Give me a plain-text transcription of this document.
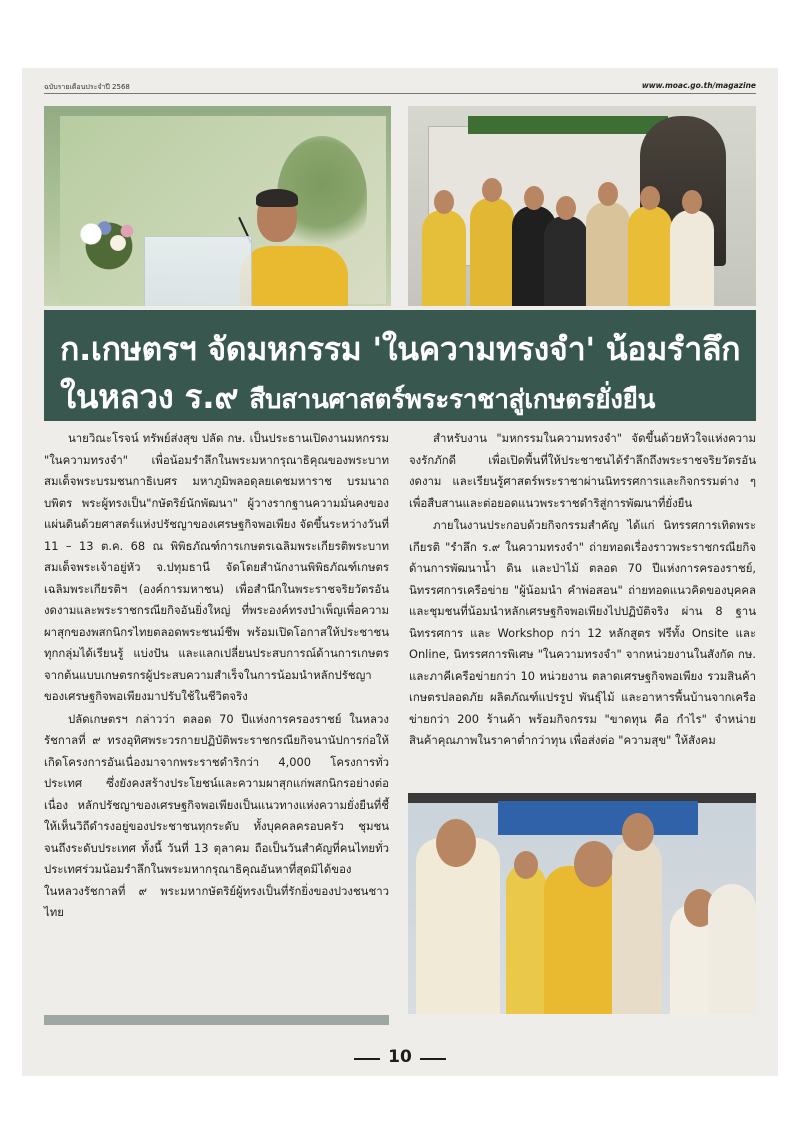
ฉบับรายเดือนประจำปี 2568	www.moac.go.th/magazine
ก.เกษตรฯ จัดมหกรรม 'ในความทรงจำ' น้อมรำลึก
ในหลวง ร.๙ สืบสานศาสตร์พระราชาสู่เกษตรยั่งยืน

นายวิณะโรจน์ ทรัพย์ส่งสุข ปลัด กษ. เป็นประธานเปิดงานมหกรรม "ในความทรงจำ" เพื่อน้อมรำลึกในพระมหากรุณาธิคุณของพระบาทสมเด็จพระบรมชนกาธิเบศร มหาภูมิพลอดุลยเดชมหาราช บรมนาถบพิตร พระผู้ทรงเป็น"กษัตริย์นักพัฒนา" ผู้วางรากฐานความมั่นคงของแผ่นดินด้วยศาสตร์แห่งปรัชญาของเศรษฐกิจพอเพียง จัดขึ้นระหว่างวันที่ 11 – 13 ต.ค. 68 ณ พิพิธภัณฑ์การเกษตรเฉลิมพระเกียรติพระบาทสมเด็จพระเจ้าอยู่หัว จ.ปทุมธานี จัดโดยสำนักงานพิพิธภัณฑ์เกษตรเฉลิมพระเกียรติฯ (องค์การมหาชน) เพื่อสำนึกในพระราชจริยวัตรอันงดงามและพระราชกรณียกิจอันยิ่งใหญ่ ที่พระองค์ทรงบำเพ็ญเพื่อความผาสุกของพสกนิกรไทยตลอดพระชนม์ชีพ พร้อมเปิดโอกาสให้ประชาชนทุกกลุ่มได้เรียนรู้ แบ่งปัน และแลกเปลี่ยนประสบการณ์ด้านการเกษตรจากต้นแบบเกษตรกรผู้ประสบความสำเร็จในการน้อมนำหลักปรัชญาของเศรษฐกิจพอเพียงมาปรับใช้ในชีวิตจริง

ปลัดเกษตรฯ กล่าวว่า ตลอด 70 ปีแห่งการครองราชย์ ในหลวงรัชกาลที่ ๙ ทรงอุทิศพระวรกายปฏิบัติพระราชกรณียกิจนานัปการก่อให้เกิดโครงการอันเนื่องมาจากพระราชดำริกว่า 4,000 โครงการทั่วประเทศ ซึ่งยังคงสร้างประโยชน์และความผาสุกแก่พสกนิกรอย่างต่อเนื่อง หลักปรัชญาของเศรษฐกิจพอเพียงเป็นแนวทางแห่งความยั่งยืนที่ชี้ให้เห็นวิถีดำรงอยู่ของประชาชนทุกระดับ ทั้งบุคคลครอบครัว ชุมชน จนถึงระดับประเทศ ทั้งนี้ วันที่ 13 ตุลาคม ถือเป็นวันสำคัญที่คนไทยทั่วประเทศร่วมน้อมรำลึกในพระมหากรุณาธิคุณอันหาที่สุดมิได้ของในหลวงรัชกาลที่ ๙ พระมหากษัตริย์ผู้ทรงเป็นที่รักยิ่งของปวงชนชาวไทย

สำหรับงาน "มหกรรมในความทรงจำ" จัดขึ้นด้วยหัวใจแห่งความจงรักภักดี เพื่อเปิดพื้นที่ให้ประชาชนได้รำลึกถึงพระราชจริยวัตรอันงดงาม และเรียนรู้ศาสตร์พระราชาผ่านนิทรรศการและกิจกรรมต่าง ๆ เพื่อสืบสานและต่อยอดแนวพระราชดำริสู่การพัฒนาที่ยั่งยืน

ภายในงานประกอบด้วยกิจกรรมสำคัญ ได้แก่ นิทรรศการเทิดพระเกียรติ "รำลึก ร.๙ ในความทรงจำ" ถ่ายทอดเรื่องราวพระราชกรณียกิจด้านการพัฒนาน้ำ ดิน และป่าไม้ ตลอด 70 ปีแห่งการครองราชย์, นิทรรศการเครือข่าย "ผู้น้อมนำ คำพ่อสอน" ถ่ายทอดแนวคิดของบุคคลและชุมชนที่น้อมนำหลักเศรษฐกิจพอเพียงไปปฏิบัติจริง ผ่าน 8 ฐานนิทรรศการ และ Workshop กว่า 12 หลักสูตร ฟรีทั้ง Onsite และ Online, นิทรรศการพิเศษ "ในความทรงจำ" จากหน่วยงานในสังกัด กษ. และภาคีเครือข่ายกว่า 10 หน่วยงาน ตลาดเศรษฐกิจพอเพียง รวมสินค้าเกษตรปลอดภัย ผลิตภัณฑ์แปรรูป พันธุ์ไม้ และอาหารพื้นบ้านจากเครือข่ายกว่า 200 ร้านค้า พร้อมกิจกรรม "ขาดทุน คือ กำไร" จำหน่ายสินค้าคุณภาพในราคาต่ำกว่าทุน เพื่อส่งต่อ "ความสุข" ให้สังคม

10
